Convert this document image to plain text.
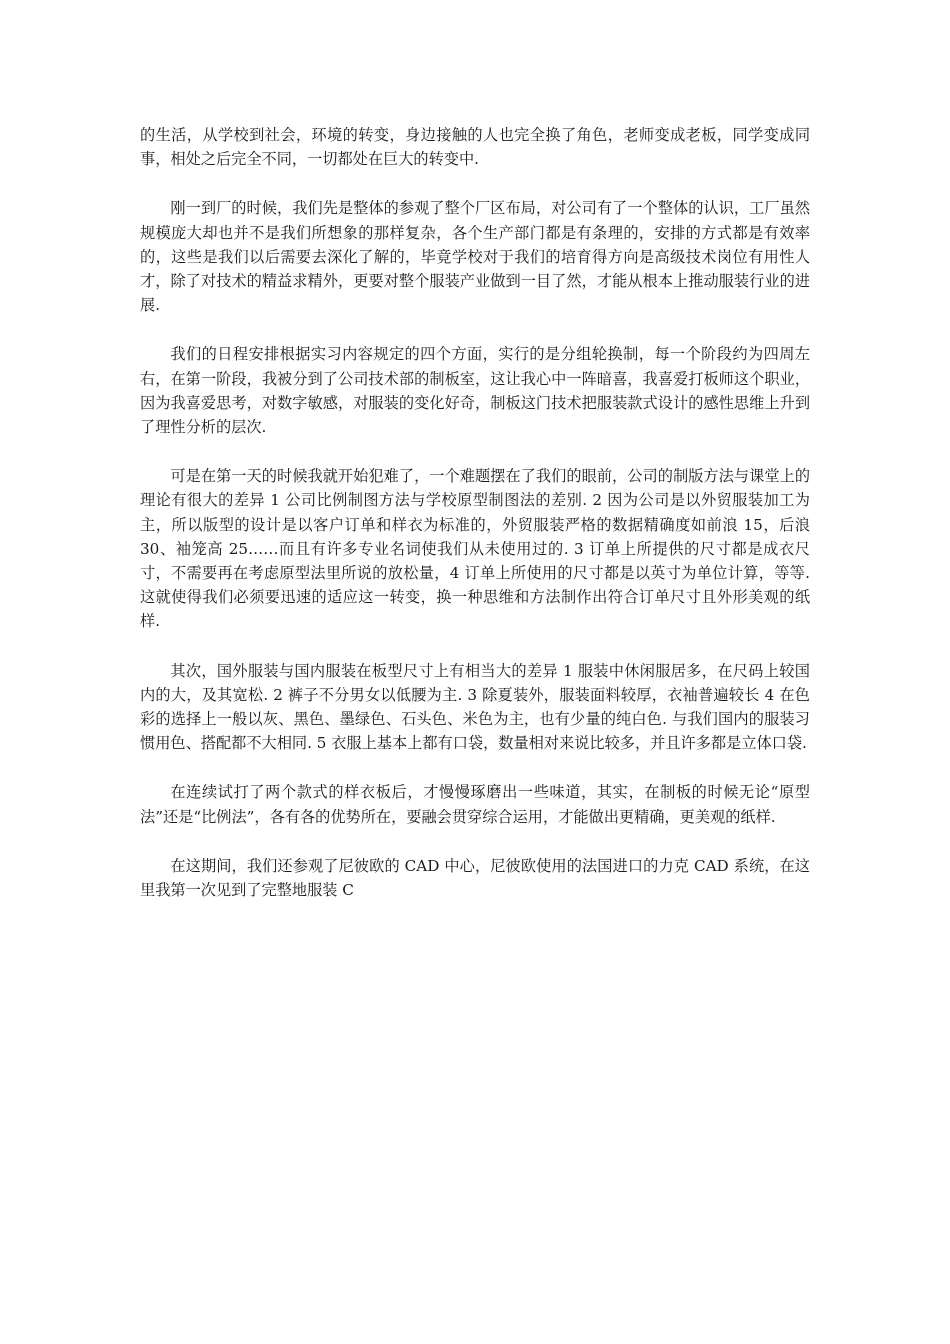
的生活，从学校到社会，环境的转变，身边接触的人也完全换了角色，老师变成老板，同学变成同事，相处之后完全不同，一切都处在巨大的转变中.

刚一到厂的时候，我们先是整体的参观了整个厂区布局，对公司有了一个整体的认识，工厂虽然规模庞大却也并不是我们所想象的那样复杂，各个生产部门都是有条理的，安排的方式都是有效率的，这些是我们以后需要去深化了解的，毕竟学校对于我们的培育得方向是高级技术岗位有用性人才，除了对技术的精益求精外，更要对整个服装产业做到一目了然，才能从根本上推动服装行业的进展.

我们的日程安排根据实习内容规定的四个方面，实行的是分组轮换制，每一个阶段约为四周左右，在第一阶段，我被分到了公司技术部的制板室，这让我心中一阵暗喜，我喜爱打板师这个职业，因为我喜爱思考，对数字敏感，对服装的变化好奇，制板这门技术把服装款式设计的感性思维上升到了理性分析的层次.

可是在第一天的时候我就开始犯难了，一个难题摆在了我们的眼前，公司的制版方法与课堂上的理论有很大的差异 1 公司比例制图方法与学校原型制图法的差别. 2 因为公司是以外贸服装加工为主，所以版型的设计是以客户订单和样衣为标准的，外贸服装严格的数据精确度如前浪 15，后浪 30、袖笼高 25……而且有许多专业名词使我们从未使用过的. 3 订单上所提供的尺寸都是成衣尺寸，不需要再在考虑原型法里所说的放松量，4 订单上所使用的尺寸都是以英寸为单位计算，等等. 这就使得我们必须要迅速的适应这一转变，换一种思维和方法制作出符合订单尺寸且外形美观的纸样.

其次，国外服装与国内服装在板型尺寸上有相当大的差异 1 服装中休闲服居多，在尺码上较国内的大，及其宽松. 2 裤子不分男女以低腰为主. 3 除夏装外，服装面料较厚，衣袖普遍较长 4 在色彩的选择上一般以灰、黑色、墨绿色、石头色、米色为主，也有少量的纯白色. 与我们国内的服装习惯用色、搭配都不大相同. 5 衣服上基本上都有口袋，数量相对来说比较多，并且许多都是立体口袋.

在连续试打了两个款式的样衣板后，才慢慢琢磨出一些味道，其实，在制板的时候无论“原型法”还是“比例法”，各有各的优势所在，要融会贯穿综合运用，才能做出更精确，更美观的纸样.

在这期间，我们还参观了尼彼欧的 CAD 中心，尼彼欧使用的法国进口的力克 CAD 系统，在这里我第一次见到了完整地服装 C
